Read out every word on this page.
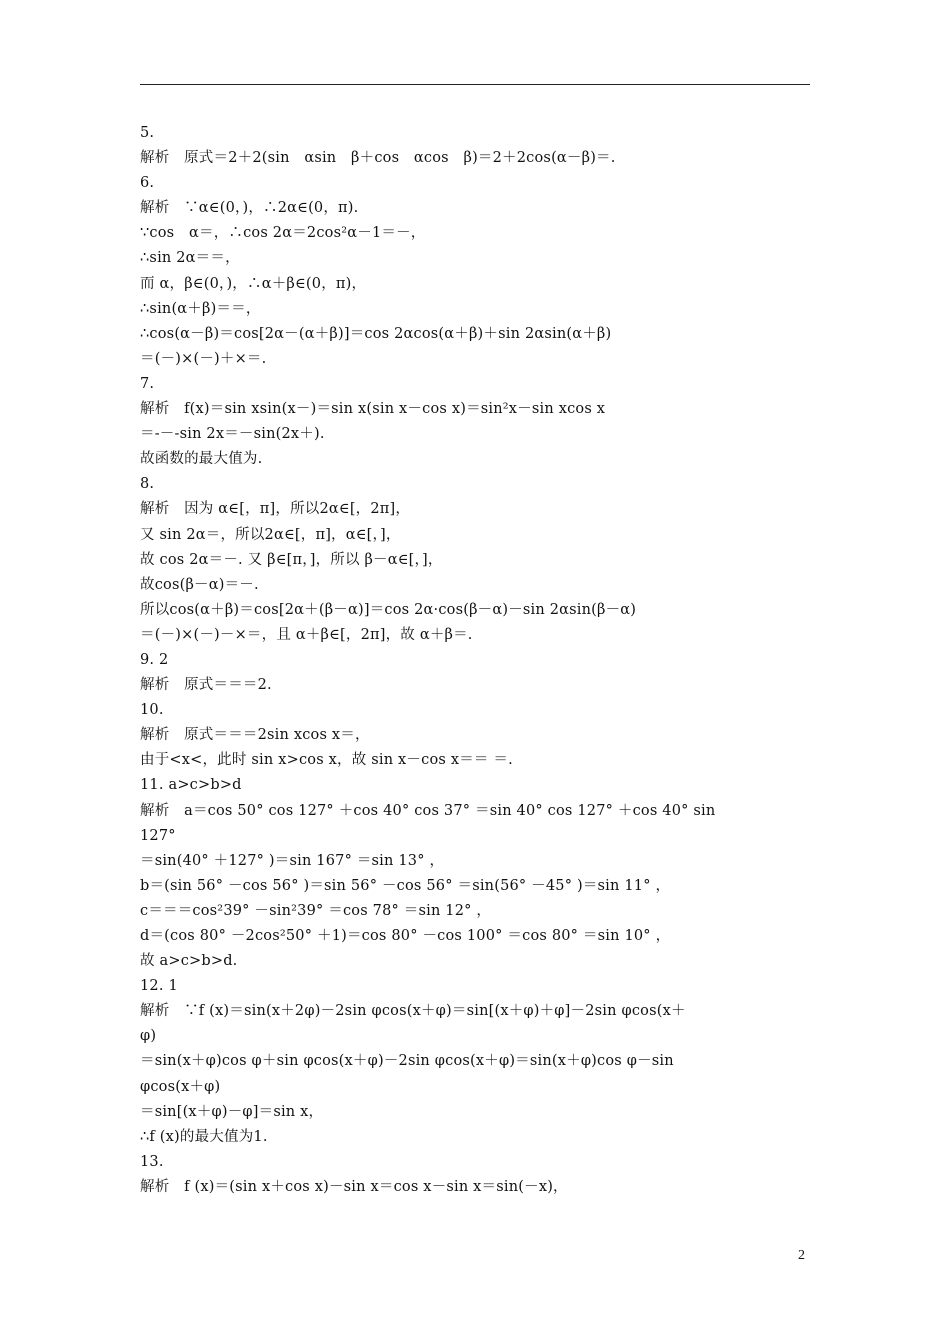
5.
解析　原式＝2＋2(sin　αsin　β＋cos　αcos　β)＝2＋2cos(α－β)＝.
6.
解析　∵α∈(0，)，∴2α∈(0，π).
∵cos　α＝，∴cos 2α＝2cos²α－1＝－，
∴sin 2α＝＝，
而 α，β∈(0，)，∴α＋β∈(0，π)，
∴sin(α＋β)＝＝，
∴cos(α－β)＝cos[2α－(α＋β)]＝cos 2αcos(α＋β)＋sin 2αsin(α＋β)
＝(－)×(－)＋×＝.
7.
解析　f(x)＝sin xsin(x－)＝sin x(sin x－cos x)＝sin²x－sin xcos x
＝-－-sin 2x＝－sin(2x＋).
故函数的最大值为.
8.
解析　因为 α∈[，π]，所以2α∈[，2π]，
又 sin 2α＝，所以2α∈[，π]，α∈[，]，
故 cos 2α＝－. 又 β∈[π，]，所以 β－α∈[，]，
故cos(β－α)＝－.
所以cos(α＋β)＝cos[2α＋(β－α)]＝cos 2α·cos(β－α)－sin 2αsin(β－α)
＝(－)×(－)－×＝，且 α＋β∈[，2π]，故 α＋β＝.
9. 2
解析　原式＝＝＝2.
10.
解析　原式＝＝＝2sin xcos x＝，
由于<x<，此时 sin x>cos x，故 sin x－cos x＝＝ ＝.
11. a>c>b>d
解析　a＝cos 50° cos 127° ＋cos 40° cos 37° ＝sin 40° cos 127° ＋cos 40° sin
127°
＝sin(40° ＋127° )＝sin 167° ＝sin 13° ，
b＝(sin 56° －cos 56° )＝sin 56° －cos 56° ＝sin(56° －45° )＝sin 11° ，
c＝＝＝cos²39° －sin²39° ＝cos 78° ＝sin 12° ，
d＝(cos 80° －2cos²50° ＋1)＝cos 80° －cos 100° ＝cos 80° ＝sin 10° ，
故 a>c>b>d.
12. 1
解析　∵f (x)＝sin(x＋2φ)－2sin φcos(x＋φ)＝sin[(x＋φ)＋φ]－2sin φcos(x＋
φ)
＝sin(x＋φ)cos φ＋sin φcos(x＋φ)－2sin φcos(x＋φ)＝sin(x＋φ)cos φ－sin
φcos(x＋φ)
＝sin[(x＋φ)－φ]＝sin x，
∴f (x)的最大值为1.
13.
解析　f (x)＝(sin x＋cos x)－sin x＝cos x－sin x＝sin(－x)，
2
